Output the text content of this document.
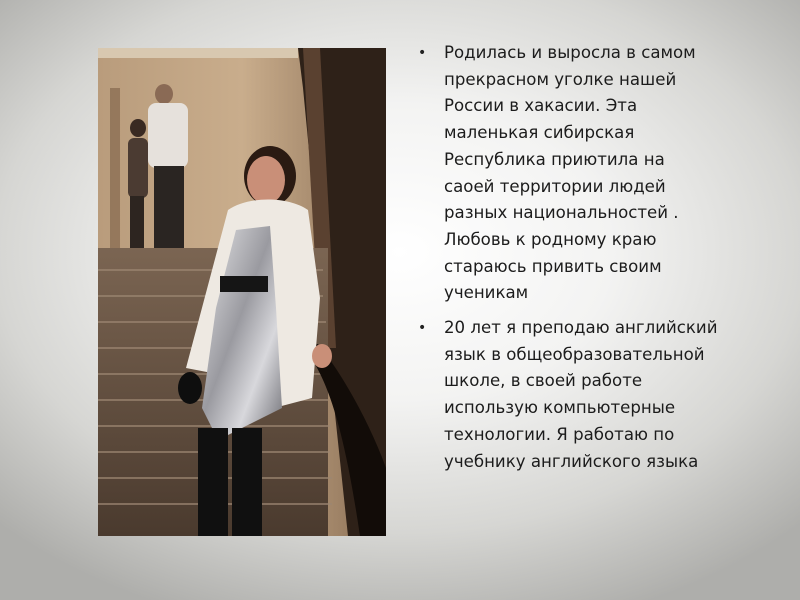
• Родилась и выросла в самом
прекрасном уголке нашей
России в хакасии. Эта
маленькая сибирская
Республика приютила на
саоей территории людей
разных национальностей .
Любовь к родному краю
стараюсь привить своим
ученикам
• 20 лет я преподаю английский
язык в общеобразовательной
школе, в своей работе
использую компьютерные
технологии. Я работаю по
учебнику английского языка
